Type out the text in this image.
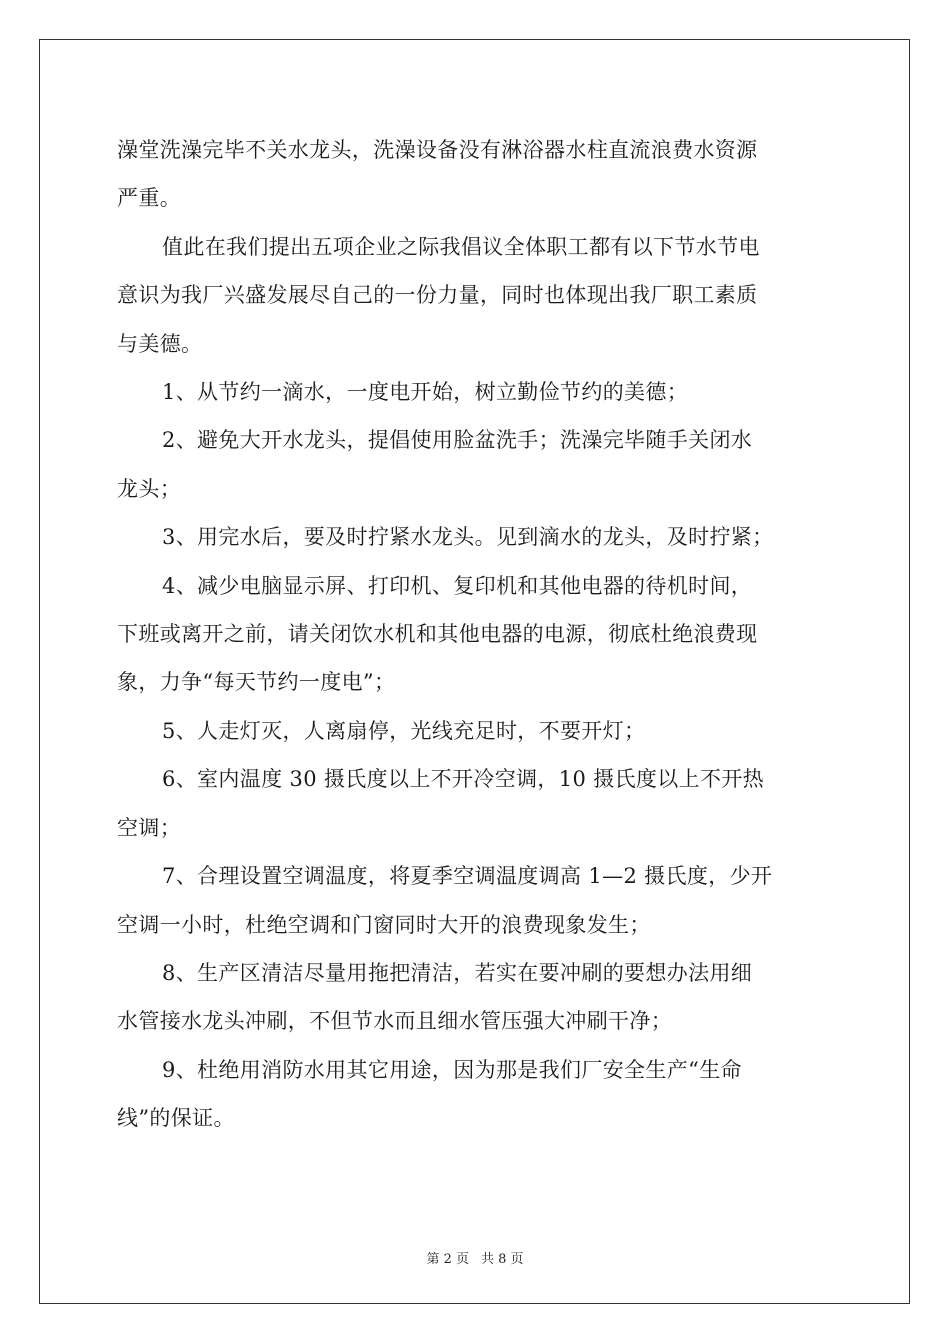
澡堂洗澡完毕不关水龙头，洗澡设备没有淋浴器水柱直流浪费水资源

严重。

值此在我们提出五项企业之际我倡议全体职工都有以下节水节电

意识为我厂兴盛发展尽自己的一份力量，同时也体现出我厂职工素质

与美德。

1、从节约一滴水，一度电开始，树立勤俭节约的美德；

2、避免大开水龙头，提倡使用脸盆洗手；洗澡完毕随手关闭水

龙头；

3、用完水后，要及时拧紧水龙头。见到滴水的龙头，及时拧紧；

4、减少电脑显示屏、打印机、复印机和其他电器的待机时间，

下班或离开之前，请关闭饮水机和其他电器的电源，彻底杜绝浪费现

象，力争“每天节约一度电”；

5、人走灯灭，人离扇停，光线充足时，不要开灯；

6、室内温度 30 摄氏度以上不开冷空调，10 摄氏度以上不开热

空调；

7、合理设置空调温度，将夏季空调温度调高 1—2 摄氏度，少开

空调一小时，杜绝空调和门窗同时大开的浪费现象发生；

8、生产区清洁尽量用拖把清洁，若实在要冲刷的要想办法用细

水管接水龙头冲刷，不但节水而且细水管压强大冲刷干净；

9、杜绝用消防水用其它用途，因为那是我们厂安全生产“生命

线”的保证。

第 2 页 共 8 页
